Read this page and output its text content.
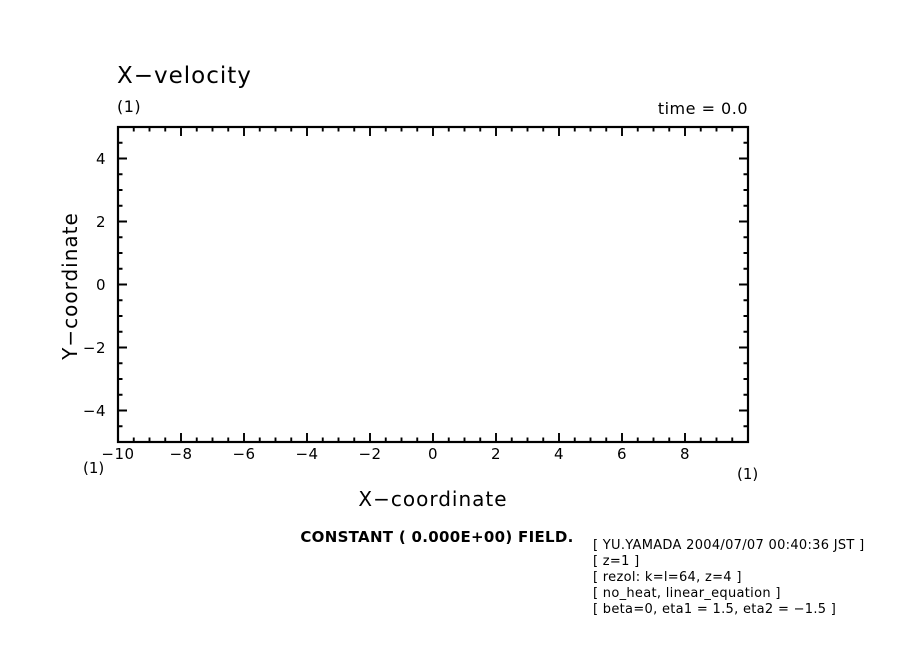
X−velocity
(1)	time = 0.0
−10	−8	−6	−4	−2	0	2	4	6	8
4
2
0
−2
−4
X−coordinate
Y−coordinate
(1)	(1)
CONSTANT ( 0.000E+00) FIELD.	[ YU.YAMADA 2004/07/07 00:40:36 JST ]
[ z=1 ]
[ rezol: k=l=64, z=4 ]
[ no_heat, linear_equation ]
[ beta=0, eta1 = 1.5, eta2 = −1.5 ]
